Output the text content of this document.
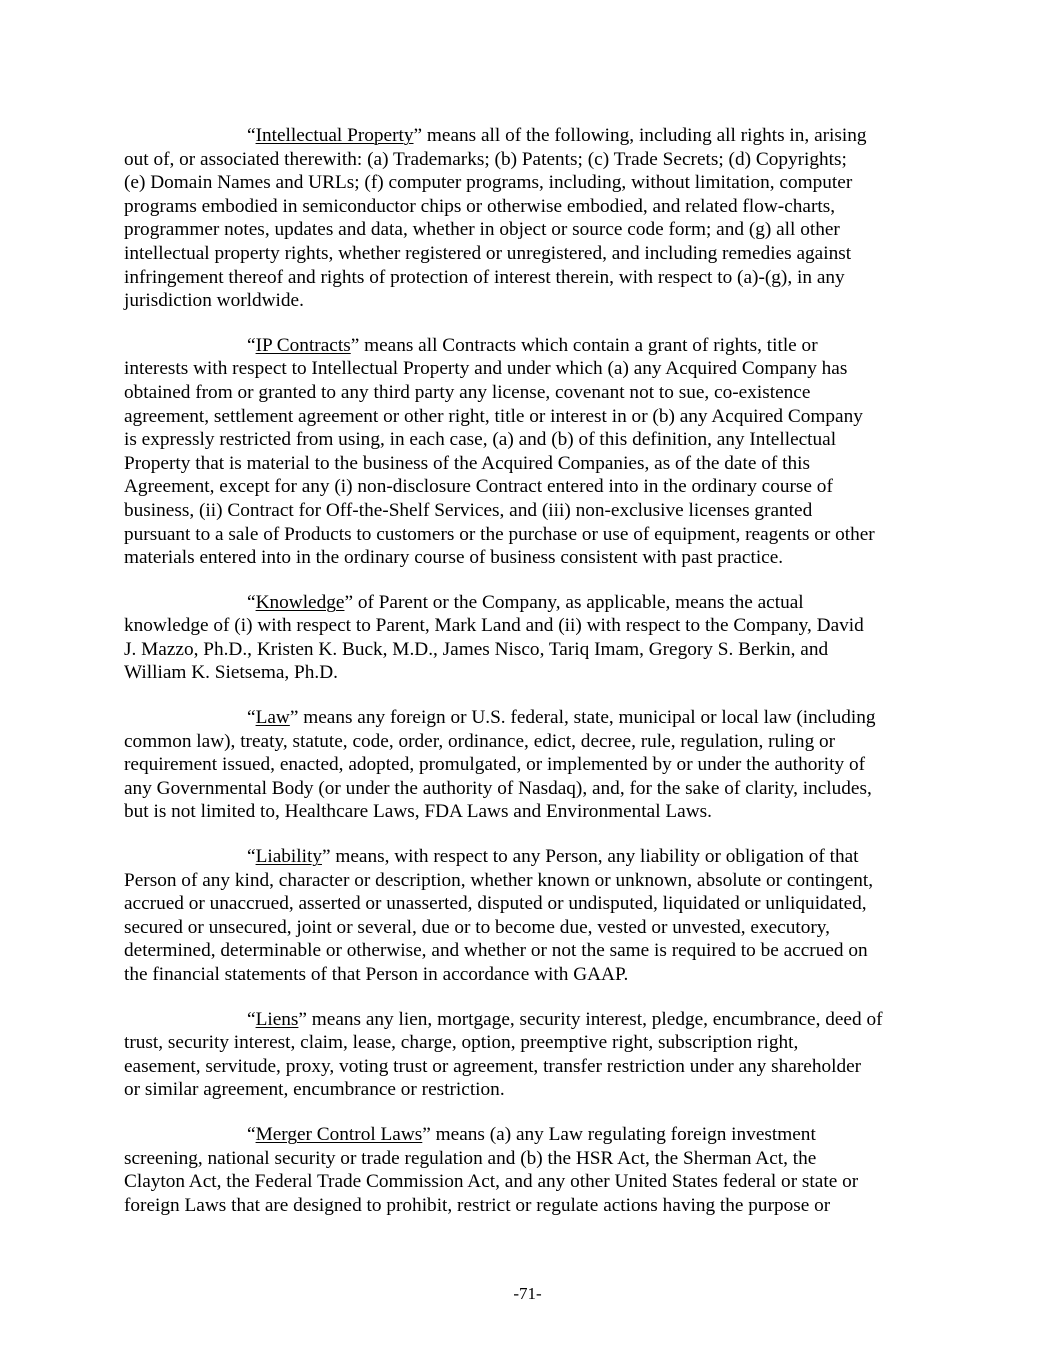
“Intellectual Property” means all of the following, including all rights in, arising
out of, or associated therewith: (a) Trademarks; (b) Patents; (c) Trade Secrets; (d) Copyrights;
(e) Domain Names and URLs; (f) computer programs, including, without limitation, computer
programs embodied in semiconductor chips or otherwise embodied, and related flow-charts,
programmer notes, updates and data, whether in object or source code form; and (g) all other
intellectual property rights, whether registered or unregistered, and including remedies against
infringement thereof and rights of protection of interest therein, with respect to (a)-(g), in any
jurisdiction worldwide.

“IP Contracts” means all Contracts which contain a grant of rights, title or
interests with respect to Intellectual Property and under which (a) any Acquired Company has
obtained from or granted to any third party any license, covenant not to sue, co-existence
agreement, settlement agreement or other right, title or interest in or (b) any Acquired Company
is expressly restricted from using, in each case, (a) and (b) of this definition, any Intellectual
Property that is material to the business of the Acquired Companies, as of the date of this
Agreement, except for any (i) non-disclosure Contract entered into in the ordinary course of
business, (ii) Contract for Off-the-Shelf Services, and (iii) non-exclusive licenses granted
pursuant to a sale of Products to customers or the purchase or use of equipment, reagents or other
materials entered into in the ordinary course of business consistent with past practice.

“Knowledge” of Parent or the Company, as applicable, means the actual
knowledge of (i) with respect to Parent, Mark Land and (ii) with respect to the Company, David
J. Mazzo, Ph.D., Kristen K. Buck, M.D., James Nisco, Tariq Imam, Gregory S. Berkin, and
William K. Sietsema, Ph.D.

“Law” means any foreign or U.S. federal, state, municipal or local law (including
common law), treaty, statute, code, order, ordinance, edict, decree, rule, regulation, ruling or
requirement issued, enacted, adopted, promulgated, or implemented by or under the authority of
any Governmental Body (or under the authority of Nasdaq), and, for the sake of clarity, includes,
but is not limited to, Healthcare Laws, FDA Laws and Environmental Laws.

“Liability” means, with respect to any Person, any liability or obligation of that
Person of any kind, character or description, whether known or unknown, absolute or contingent,
accrued or unaccrued, asserted or unasserted, disputed or undisputed, liquidated or unliquidated,
secured or unsecured, joint or several, due or to become due, vested or unvested, executory,
determined, determinable or otherwise, and whether or not the same is required to be accrued on
the financial statements of that Person in accordance with GAAP.

“Liens” means any lien, mortgage, security interest, pledge, encumbrance, deed of
trust, security interest, claim, lease, charge, option, preemptive right, subscription right,
easement, servitude, proxy, voting trust or agreement, transfer restriction under any shareholder
or similar agreement, encumbrance or restriction.

“Merger Control Laws” means (a) any Law regulating foreign investment
screening, national security or trade regulation and (b) the HSR Act, the Sherman Act, the
Clayton Act, the Federal Trade Commission Act, and any other United States federal or state or
foreign Laws that are designed to prohibit, restrict or regulate actions having the purpose or

-71-
